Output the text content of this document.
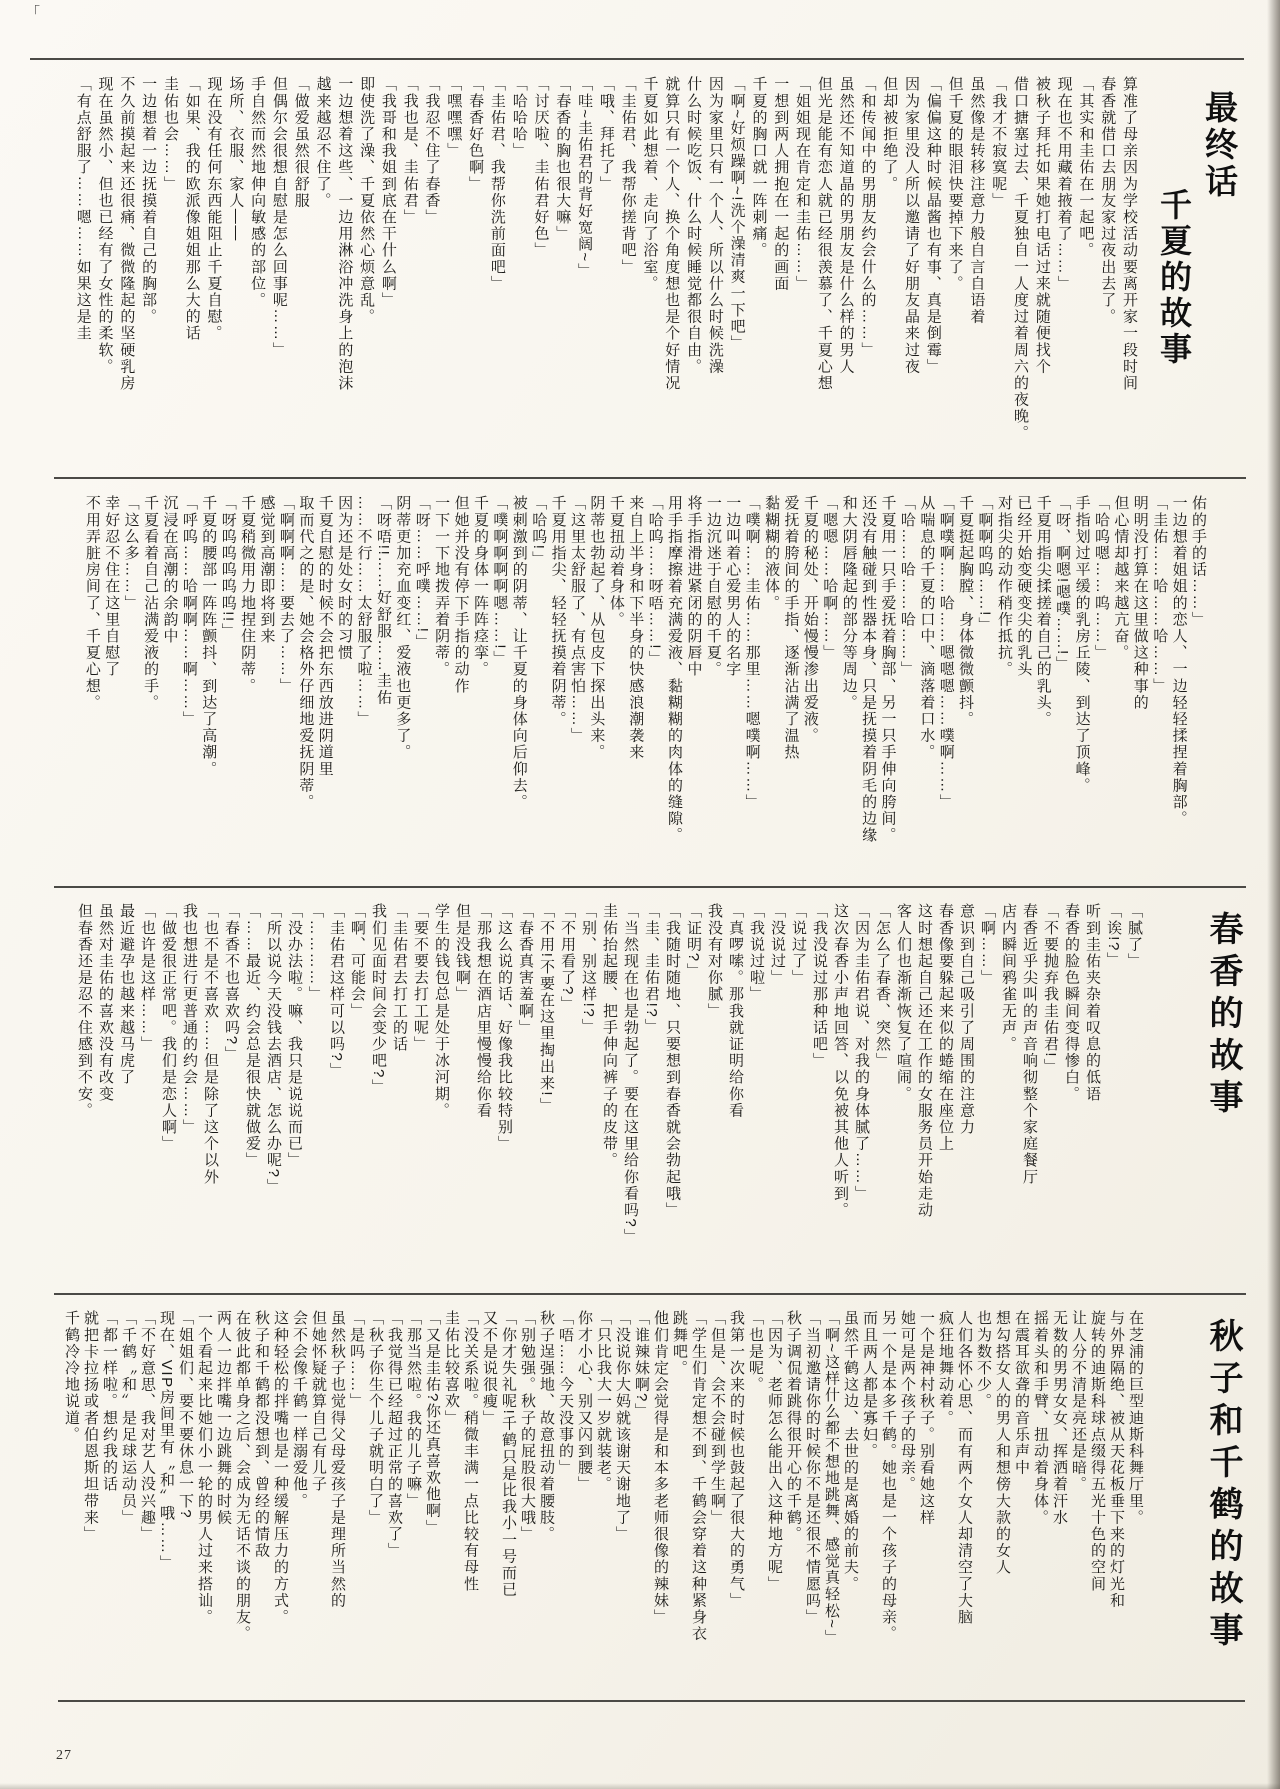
「
算准了母亲因为学校活动要离开家一段时间
春香就借口去朋友家过夜出去了。
「其实和圭佑在一起吧。
现在也不用藏着掖着了……」
被秋子拜托如果她打电话过来就随便找个
借口搪塞过去、千夏独自一人度过着周六的夜晚。
「我才不寂寞呢」
虽然像是转移注意力般自言自语着
但千夏的眼泪快要掉下来了。
「偏偏这种时候晶酱也有事、真是倒霉」
因为家里没人所以邀请了好朋友晶来过夜
但却被拒绝了。
「和传闻中的男朋友约会什么的……」
虽然还不知道晶的男朋友是什么样的男人
但光是能有恋人就已经很羡慕了、千夏心想
「姐姐现在肯定和圭佑……」
一想到两人拥抱在一起的画面
千夏的胸口就一阵刺痛。
「啊~好烦躁啊~!洗个澡清爽一下吧」
因为家里只有一个人、所以什么时候洗澡
什么时候吃饭、什么时候睡觉都很自由。
就算只有一个人、换个角度想也是个好情况
千夏如此想着、走向了浴室。
「圭佑君、我帮你搓背吧」
「哦、拜托了」
「哇~圭佑君的背好宽阔~」
「春香的胸也很大嘛」
「讨厌啦、圭佑君好色」
「哈哈哈」
「圭佑君、我帮你洗前面吧」
「春香好色啊」
「嘿嘿嘿」
「我忍不住了春香」
「我也是、圭佑君」
「我哥和我姐到底在干什么啊」
即使洗了澡、千夏依然心烦意乱。
一边想着这些、一边用淋浴冲洗身上的泡沫
越来越忍不住了。
「做爱虽然很舒服
但偶尔会很想自慰是怎么回事呢……」
手自然而然地伸向敏感的部位。
场所、衣服、家人——
现在没有任何东西能阻止千夏自慰。
「如果、我的欧派像姐姐那么大的话
圭佑也会……」
一边想着一边抚摸着自己的胸部。
不久前摸起来还很痛、微微隆起的坚硬乳房
现在虽然小、但也已经有了女性的柔软。
「有点舒服了……嗯……如果这是圭	最终话
千夏的故事
佑的手的话……」
一边想着姐姐的恋人、一边轻轻揉捏着胸部。
「圭佑……哈……哈……」
明明没打算在这里做这种事的
但心情却越来越亢奋。
「哈呜嗯……呜……」
手指划过平缓的乳房丘陵、到达了顶峰。
「呀、啊嗯!嗯噗……!」
千夏用指尖揉搓着自己的乳头。
已经开始变硬变尖的乳头
对指尖的动作稍作抵抗。
「啊啊呜呜……!」
千夏挺起胸膛、身体微微颤抖。
「啊噗啊……哈……嗯嗯嗯……噗啊……」
从喘息的千夏的口中、滴落着口水。
「哈……哈……哈……」
千夏用一只手爱抚着胸部、另一只手伸向胯间。
还没有触碰到性器本身、只是抚摸着阴毛的边缘
和大阴唇隆起的部分等周边。
「嗯嗯……哈啊……」
千夏的秘处、开始慢慢渗出爱液。
爱抚着胯间的手指、逐渐沾满了温热
黏糊糊的液体。
「噗啊……圭佑……那里……嗯噗啊……」
一边叫着心爱男人的名字
一边沉迷于自慰的千夏。
将手指滑进紧闭的阴唇中
用手指摩擦着充满爱液、黏糊糊的肉体的缝隙。
「哈呜……呀唔……!」
来自上半身和下半身的快感浪潮袭来
千夏扭动着身体。
阴蒂也勃起了、从包皮下探出头来。
「这里太舒服了、有点害怕……」
千夏用指尖、轻轻抚摸着阴蒂。
「哈呜!」
被刺激到的阴蒂、让千夏的身体向后仰去。
「噗啊啊啊啊嗯……!」
千夏的身体一阵阵痉挛。
但她并没有停下手指的动作
一下一下地拨弄着阴蒂。
「呀……呼噗……!」
阴蒂更加充血变红、爱液也更多了。
「呀唔!!……好舒服……圭佑
……不行……太舒服了啦……」
因为还是处女时的习惯
千夏自慰的时候不会把东西放进阴道里
取而代之的是、她会格外仔细地爱抚阴蒂。
「啊啊啊……要去了……」
感觉到高潮即将到来
千夏稍微用力地捏住阴蒂。
「呀呜呜呜呜呜!!」
千夏的腰部一阵阵颤抖、到达了高潮。
「呼呜……哈啊啊……啊……」
沉浸在高潮的余韵中
千夏看着自己沾满爱液的手。
「这么多……」
幸好忍不住在这里自慰了
不用弄脏房间了、千夏心想。
「腻了」
「诶!?」
听到圭佑夹杂着叹息的低语
春香的脸色瞬间变得惨白。
「不要抛弃我圭佑君!」
春香近乎尖叫的声音响彻整个家庭餐厅
店内瞬间鸦雀无声。
「啊……」
意识到自己吸引了周围的注意力
春香像要躲起来似的蜷缩在座位上
这时想起自己还在工作的女服务员开始走动
客人们也渐渐恢复了喧闹。
「怎么了春香、突然」
「因为圭佑君说、对我的身体腻了……」
这次春香小声地回答、以免被其他人听到。
「我没说过那种话吧」
「说过了」
「没说过」
「我说过啦」
「真啰嗦。那我就证明给你看
我没有对你腻」
「证明?」
「我随时随地、只要想到春香就会勃起哦」
「圭、圭佑君!?」
「当然现在也是勃起了。要在这里给你看吗?」
圭佑抬起腰、把手伸向裤子的皮带。
「别、别这样!?」
「不用看了?」
「不用!不要在这里掏出来!」
「春香真害羞啊」
「这么说的话、好像我比较特别」
「那我想在酒店里慢慢给你看
但是没钱啊」
学生的钱包总是处于冰河期。
「要不要去打工呢」
「圭佑君去打工的话
我们见面时间会变少吧?」
「啊、可能会」
「圭佑君这样可以吗?」
「…………」
「没办法啦。嘛、我只是说说而已」
「所以说今天没钱去酒店、怎么办呢?」
「……最近、约会总是很快就做爱」
「春香不也喜欢吗?」
「也不是不喜欢……但是除了这个以外
我也想进行更普通的约会……」
「做爱很正常吧。我们是恋人啊」
「也许是这样……」
最近避孕也越来越马虎了
虽然对圭佑的喜欢没有改变
但春香还是忍不住感到不安。	春香的故事
在芝浦的巨型迪斯科舞厅里。
与外界隔绝、被从天花板垂下来的灯光和
旋转的迪斯科球点缀得五光十色的空间
让人分不清是亮还是暗。
无数的男男女女、挥洒着汗水
摇着头和手臂、扭动着身体。
在震耳欲聋的音乐声中
想勾搭女人的男人和想傍大款的女人
也为数不少。
人们各怀心思、而有两个女人却清空了大脑
疯狂地舞动着。
一个是神村秋子。别看她这样
她可是两个孩子的母亲。
另一个是本多千鹤。她也是一个孩子的母亲。
而且两人都是寡妇。
虽然千鹤这边、去世的是离婚的前夫。
「啊~这样什么都不想地跳舞、感觉真轻松~」
「当初邀请你的时候你不是还很不情愿吗」
秋子调侃着跳得很开心的千鹤。
「因为、老师怎么能出入这种地方呢」
「也是呢。
我第一次来的时候也鼓起了很大的勇气」
「但是、会不会碰到学生啊」
「学生们肯定想不到、千鹤会穿着这种紧身衣
跳舞吧。
他们肯定会觉得是和本多老师很像的辣妹」
「谁辣妹啊?」
「没说你大妈就该谢天谢地了」
「只比我大一岁就装老。
你才小心、别又闪到腰」
「唔……今天没事的」
秋子逞强地、故意扭动着腰肢。
「别勉强。秋子的屁股很大哦」
「你才失礼呢!千鹤只是比我小一号而已
又不是说很瘦」
「没关系啦。稍微丰满一点比较有母性
圭佑比较喜欢」
「又是圭佑?你还真喜欢他啊」
「那当然啦。我的儿子嘛」
「我觉得已经超过正常的喜欢了」
「秋子你生个儿子就明白了」
「是吗……」
虽然秋子也觉得父母爱孩子是理所当然的
但她怀疑就算自己有儿子
会不会像千鹤一样溺爱他。
这种轻松的拌嘴也是一种缓解压力的方式。
秋子和千鹤都没想到、曾经的情敌
在彼此都单身之后、会成为无话不谈的朋友。
两人一边拌嘴一边跳舞的时候
一个看起来比她们小一轮的男人过来搭讪。
「姐姐们、要不要休息一下?
现在、VIP房间里有〝和〟哦……」
「不好意思、我对艺人没兴趣」
「千鹤〝和〟是足球运动员」
「都一样啦。想约我的话
就把卡拉扬或者伯恩斯坦带来」
千鹤冷冷地说道。	秋子和千鹤的故事
27
